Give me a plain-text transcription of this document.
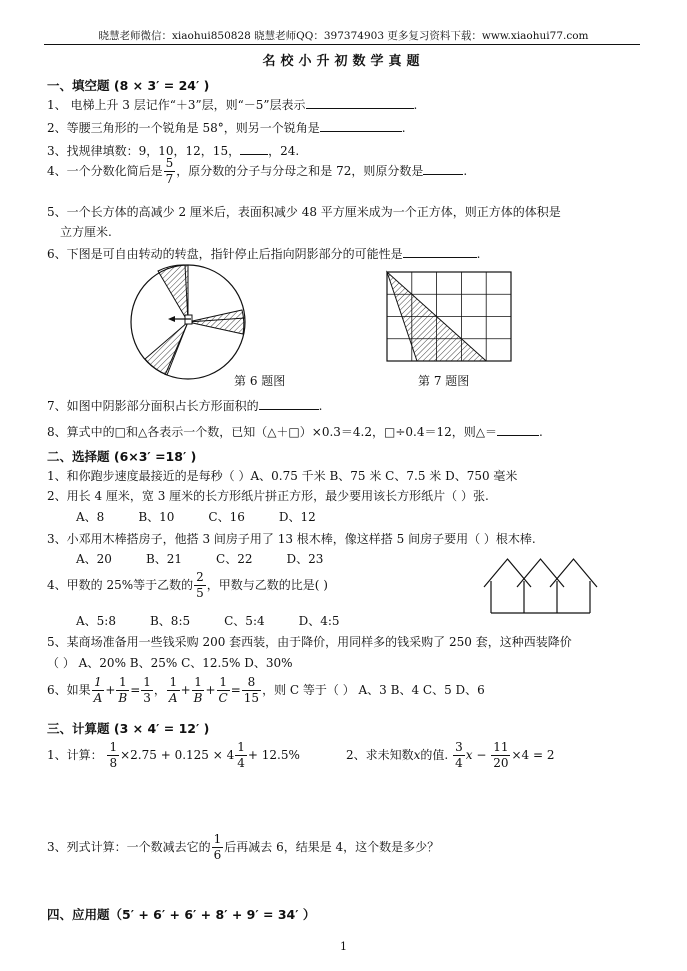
晓慧老师微信：xiaohui850828 晓慧老师QQ：397374903 更多复习资料下载：www.xiaohui77.com
名校小升初数学真题
一、填空题 (8 × 3′ = 24′ )
1、 电梯上升 3 层记作“＋3”层，则“－5”层表示	.
2、等腰三角形的一个锐角是 58°，则另一个锐角是	.
3、找规律填数：9，10，12，15， ，24.
4、一个分数化简后是 $\frac{5}{7}$ ，原分数的分子与分母之和是 72，则原分数是	.
5、一个长方体的高减少 2 厘米后，表面积减少 48 平方厘米成为一个正方体，则正方体的体积是
立方厘米.
6、下图是可自由转动的转盘，指针停止后指向阴影部分的可能性是	.
第 6 题图	第 7 题图
7、如图中阴影部分面积占长方形面积的	.
8、算式中的□和△各表示一个数，已知（△＋□）×0.3＝4.2，□÷0.4＝12，则△＝	.
二、选择题 (6×3′ =18′ )
1、和你跑步速度最接近的是每秒（ ）A、0.75 千米 B、75 米 C、7.5 米 D、750 毫米
2、用长 4 厘米，宽 3 厘米的长方形纸片拼正方形，最少要用该长方形纸片（ ）张.
A、8	B、10	C、16	D、12
3、小邓用木棒搭房子，他搭 3 间房子用了 13 根木棒，像这样搭 5 间房子要用（ ）根木棒.
A、20	B、21	C、22	D、23
4、甲数的 25%等于乙数的 $\frac{2}{5}$ ，甲数与乙数的比是( )
A、5:8	B、8:5	C、5:4	D、4:5
5、某商场准备用一些钱采购 200 套西装，由于降价，用同样多的钱采购了 250 套，这种西装降价
（ ） A、20% B、25% C、12.5% D、30%
6、如果 $\frac{1}{A} + \frac{1}{B} = \frac{1}{3}$ ， $\frac{1}{A} + \frac{1}{B} + \frac{1}{C} = \frac{8}{15}$ ，则 C 等于（ ） A、3 B、4 C、5 D、6
三、计算题 (3 × 4′ = 12′ )
1、计算： $\frac{1}{8} \times 2.75 + 0.125 \times 4 \frac{1}{4} + 12.5\%$	2、求未知数x的值. $\frac{3}{4}$ $x - \frac{11}{20} \times 4 = 2$
3、列式计算：一个数减去它的 $\frac{1}{6}$ 后再减去 6，结果是 4，这个数是多少？
四、应用题（5′ + 6′ + 6′ + 8′ + 9′ = 34′ ）
1
